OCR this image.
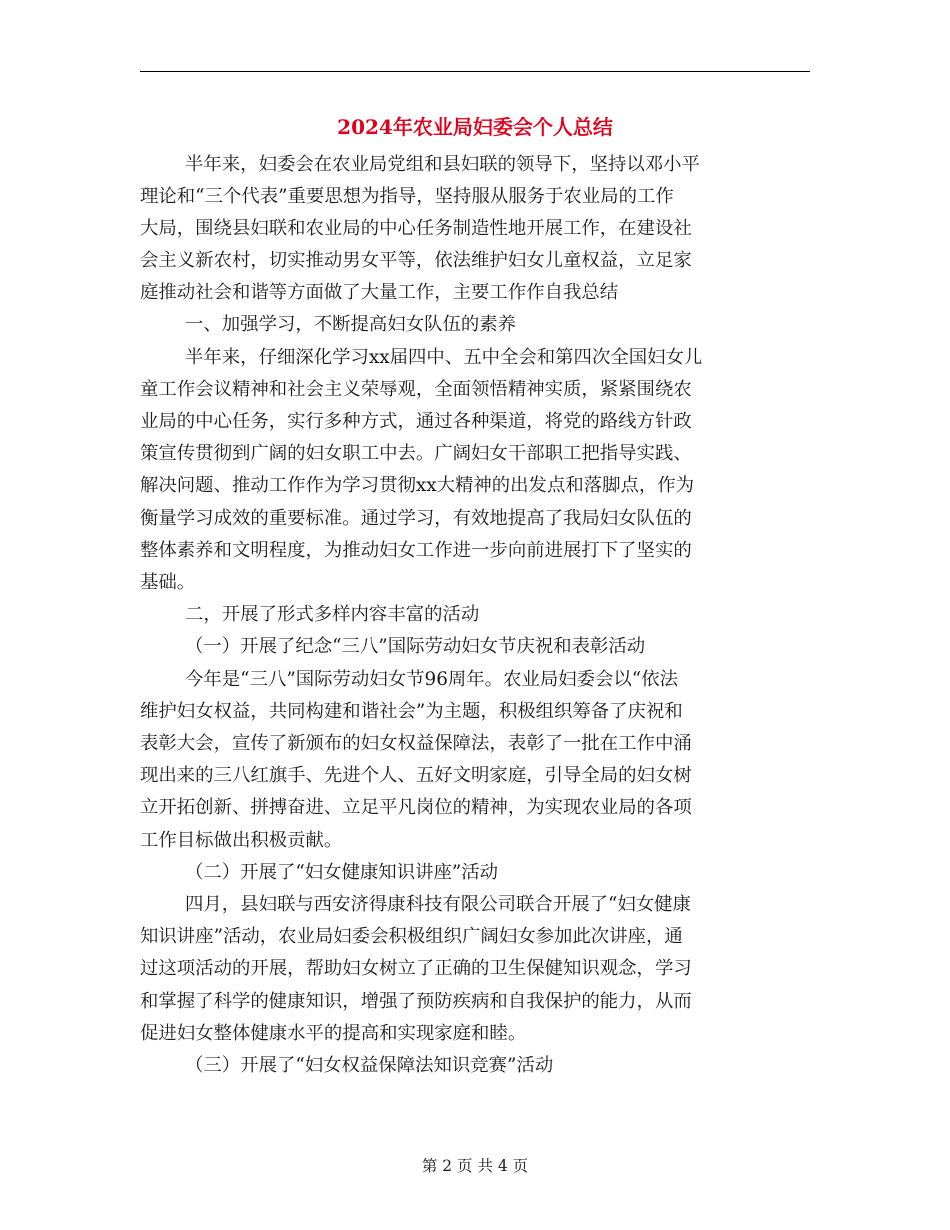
2024年农业局妇委会个人总结
半年来，妇委会在农业局党组和县妇联的领导下，坚持以邓小平
理论和“三个代表”重要思想为指导，坚持服从服务于农业局的工作
大局，围绕县妇联和农业局的中心任务制造性地开展工作，在建设社
会主义新农村，切实推动男女平等，依法维护妇女儿童权益，立足家
庭推动社会和谐等方面做了大量工作，主要工作作自我总结
一、加强学习，不断提高妇女队伍的素养
半年来，仔细深化学习xx届四中、五中全会和第四次全国妇女儿
童工作会议精神和社会主义荣辱观，全面领悟精神实质，紧紧围绕农
业局的中心任务，实行多种方式，通过各种渠道，将党的路线方针政
策宣传贯彻到广阔的妇女职工中去。广阔妇女干部职工把指导实践、
解决问题、推动工作作为学习贯彻xx大精神的出发点和落脚点，作为
衡量学习成效的重要标准。通过学习，有效地提高了我局妇女队伍的
整体素养和文明程度，为推动妇女工作进一步向前进展打下了坚实的
基础。
二，开展了形式多样内容丰富的活动
（一）开展了纪念“三八”国际劳动妇女节庆祝和表彰活动
今年是“三八”国际劳动妇女节96周年。农业局妇委会以“依法
维护妇女权益，共同构建和谐社会”为主题，积极组织筹备了庆祝和
表彰大会，宣传了新颁布的妇女权益保障法，表彰了一批在工作中涌
现出来的三八红旗手、先进个人、五好文明家庭，引导全局的妇女树
立开拓创新、拼搏奋进、立足平凡岗位的精神，为实现农业局的各项
工作目标做出积极贡献。
（二）开展了“妇女健康知识讲座”活动
四月，县妇联与西安济得康科技有限公司联合开展了“妇女健康
知识讲座”活动，农业局妇委会积极组织广阔妇女参加此次讲座，通
过这项活动的开展，帮助妇女树立了正确的卫生保健知识观念，学习
和掌握了科学的健康知识，增强了预防疾病和自我保护的能力，从而
促进妇女整体健康水平的提高和实现家庭和睦。
（三）开展了“妇女权益保障法知识竞赛”活动
第 2 页 共 4 页
